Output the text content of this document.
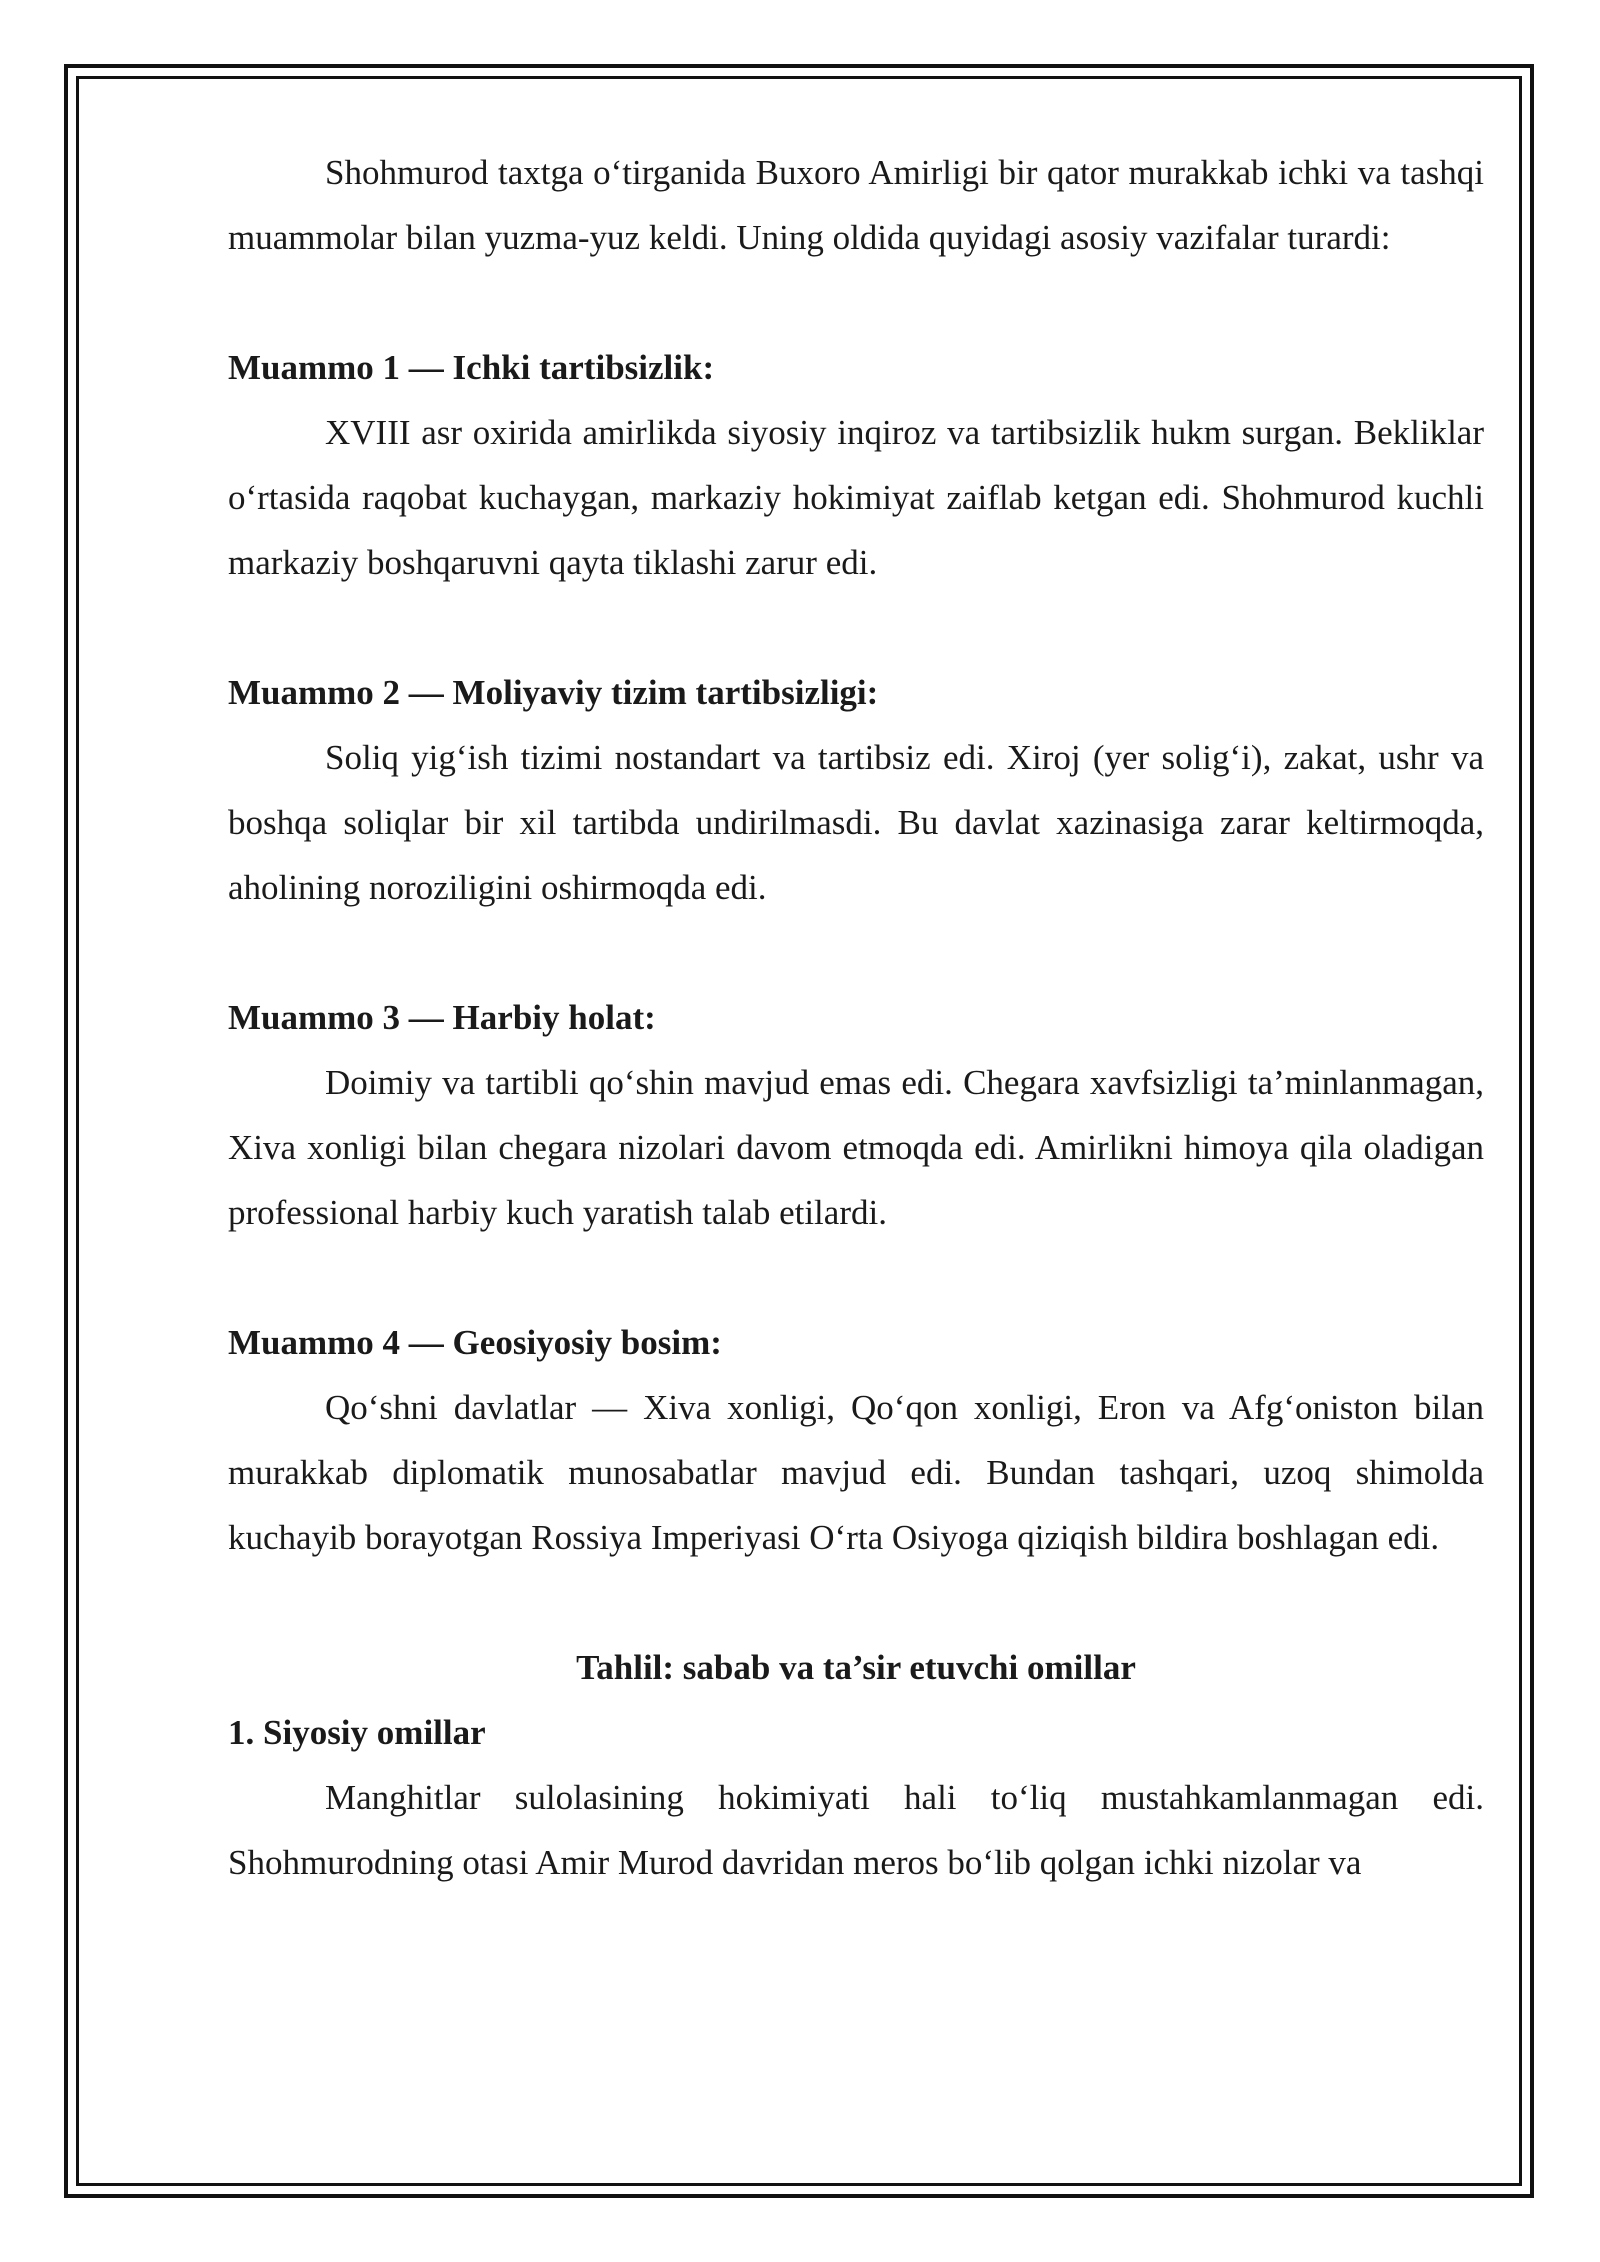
Shohmurod taxtga o‘tirganida Buxoro Amirligi bir qator murakkab ichki va tashqi muammolar bilan yuzma-yuz keldi. Uning oldida quyidagi asosiy vazifalar turardi:

Muammo 1 — Ichki tartibsizlik:

XVIII asr oxirida amirlikda siyosiy inqiroz va tartibsizlik hukm surgan. Bekliklar o‘rtasida raqobat kuchaygan, markaziy hokimiyat zaiflab ketgan edi. Shohmurod kuchli markaziy boshqaruvni qayta tiklashi zarur edi.

Muammo 2 — Moliyaviy tizim tartibsizligi:

Soliq yig‘ish tizimi nostandart va tartibsiz edi. Xiroj (yer solig‘i), zakat, ushr va boshqa soliqlar bir xil tartibda undirilmasdi. Bu davlat xazinasiga zarar keltirmoqda, aholining noroziligini oshirmoqda edi.

Muammo 3 — Harbiy holat:

Doimiy va tartibli qo‘shin mavjud emas edi. Chegara xavfsizligi ta’minlanmagan, Xiva xonligi bilan chegara nizolari davom etmoqda edi. Amirlikni himoya qila oladigan professional harbiy kuch yaratish talab etilardi.

Muammo 4 — Geosiyosiy bosim:

Qo‘shni davlatlar — Xiva xonligi, Qo‘qon xonligi, Eron va Afg‘oniston bilan murakkab diplomatik munosabatlar mavjud edi. Bundan tashqari, uzoq shimolda kuchayib borayotgan Rossiya Imperiyasi O‘rta Osiyoga qiziqish bildira boshlagan edi.

Tahlil: sabab va ta’sir etuvchi omillar
1. Siyosiy omillar

Manghitlar sulolasining hokimiyati hali to‘liq mustahkamlanmagan edi. Shohmurodning otasi Amir Murod davridan meros bo‘lib qolgan ichki nizolar va
